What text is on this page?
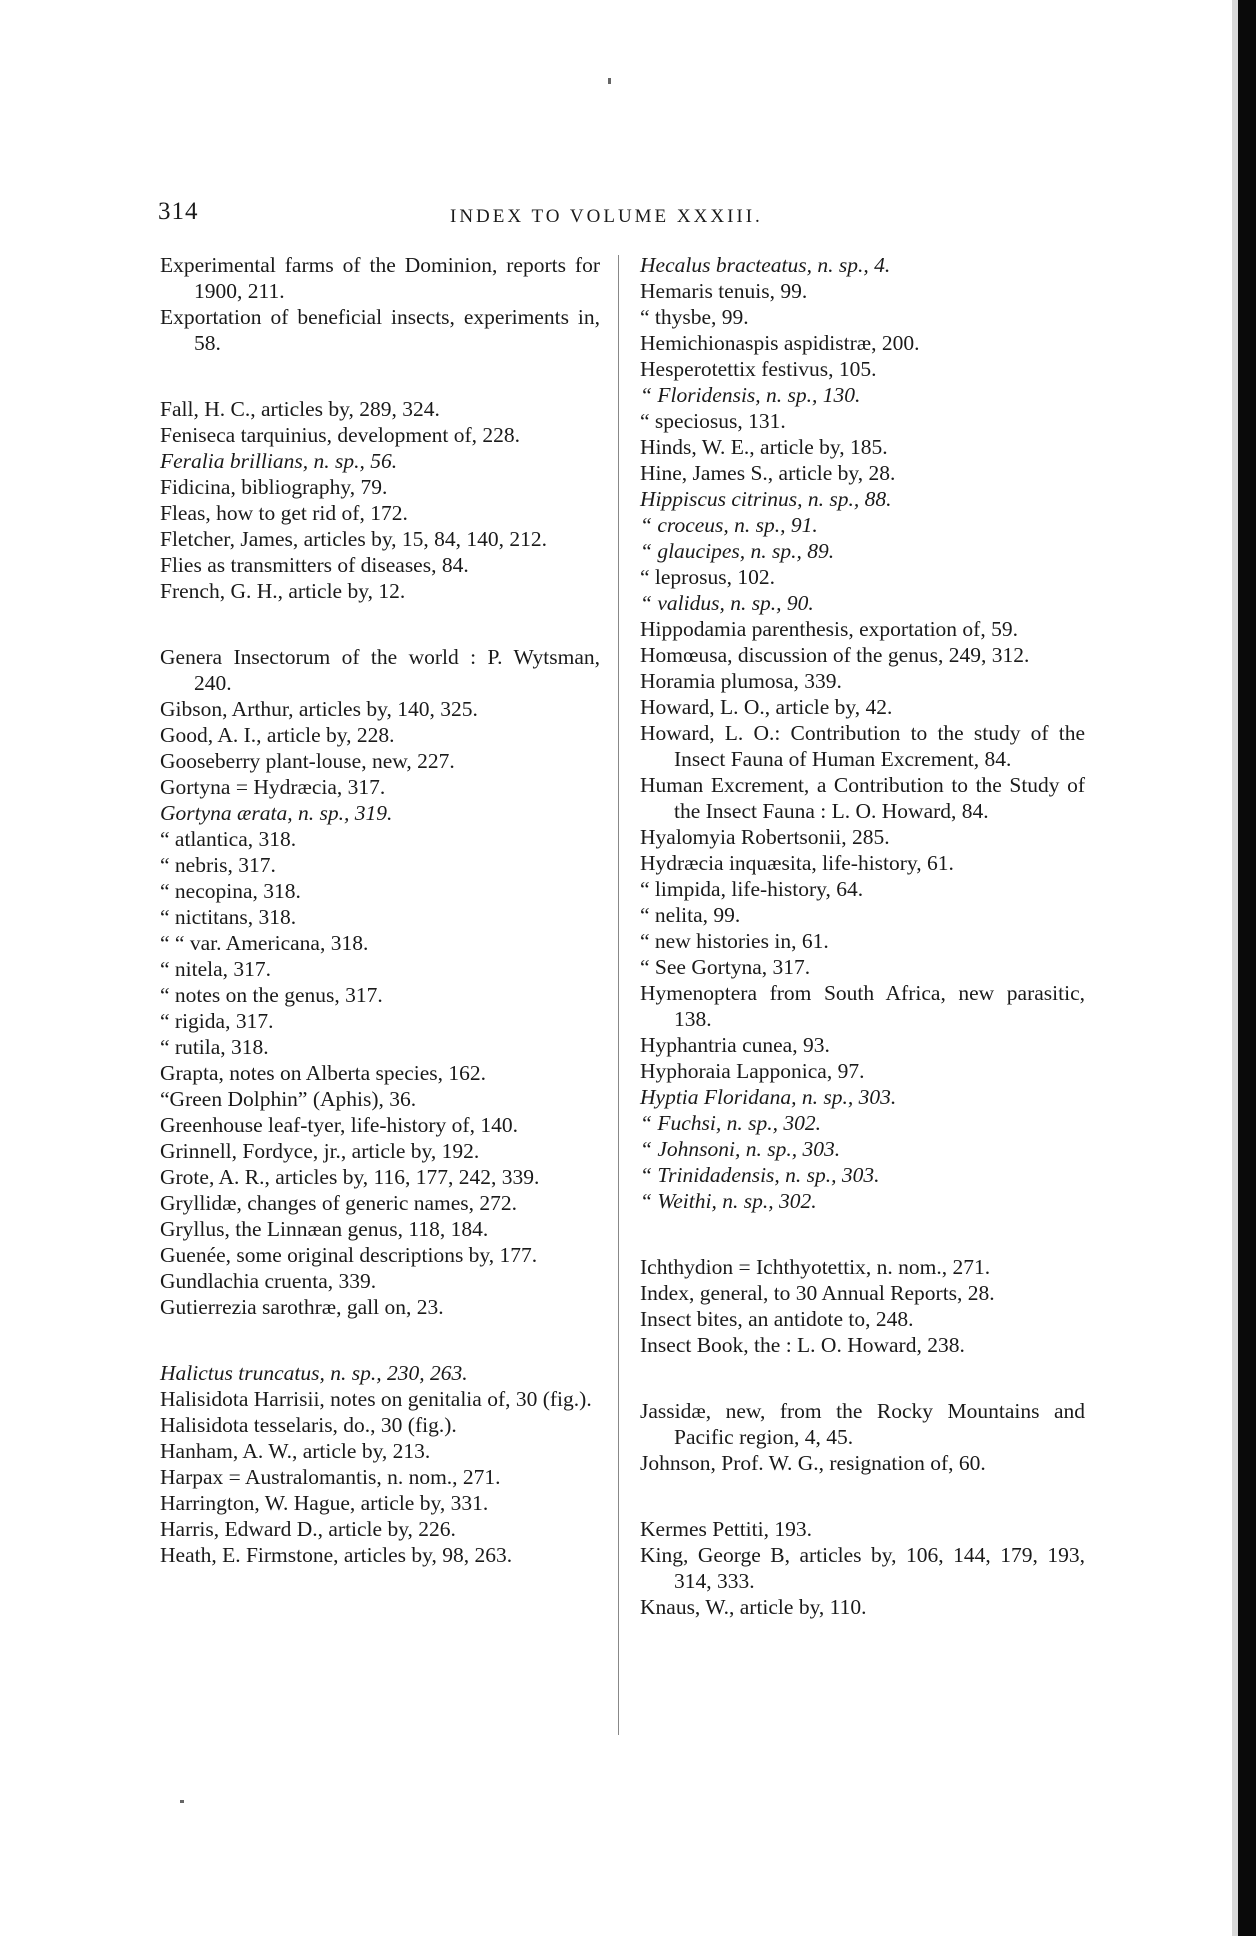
314	INDEX TO VOLUME XXXIII.
Experimental farms of the Dominion, reports for 1900, 211.
Exportation of beneficial insects, experiments in, 58.
Fall, H. C., articles by, 289, 324.
Feniseca tarquinius, development of, 228.
Feralia brillians, n. sp., 56.
Fidicina, bibliography, 79.
Fleas, how to get rid of, 172.
Fletcher, James, articles by, 15, 84, 140, 212.
Flies as transmitters of diseases, 84.
French, G. H., article by, 12.
Genera Insectorum of the world : P. Wytsman, 240.
Gibson, Arthur, articles by, 140, 325.
Good, A. I., article by, 228.
Gooseberry plant-louse, new, 227.
Gortyna = Hydræcia, 317.
Gortyna ærata, n. sp., 319.
“ atlantica, 318.
“ nebris, 317.
“ necopina, 318.
“ nictitans, 318.
“ “ var. Americana, 318.
“ nitela, 317.
“ notes on the genus, 317.
“ rigida, 317.
“ rutila, 318.
Grapta, notes on Alberta species, 162.
“Green Dolphin” (Aphis), 36.
Greenhouse leaf-tyer, life-history of, 140.
Grinnell, Fordyce, jr., article by, 192.
Grote, A. R., articles by, 116, 177, 242, 339.
Gryllidæ, changes of generic names, 272.
Gryllus, the Linnæan genus, 118, 184.
Guenée, some original descriptions by, 177.
Gundlachia cruenta, 339.
Gutierrezia sarothræ, gall on, 23.
Halictus truncatus, n. sp., 230, 263.
Halisidota Harrisii, notes on genitalia of, 30 (fig.).
Halisidota tesselaris, do., 30 (fig.).
Hanham, A. W., article by, 213.
Harpax = Australomantis, n. nom., 271.
Harrington, W. Hague, article by, 331.
Harris, Edward D., article by, 226.
Heath, E. Firmstone, articles by, 98, 263.
Hecalus bracteatus, n. sp., 4.
Hemaris tenuis, 99.
“ thysbe, 99.
Hemichionaspis aspidistræ, 200.
Hesperotettix festivus, 105.
“ Floridensis, n. sp., 130.
“ speciosus, 131.
Hinds, W. E., article by, 185.
Hine, James S., article by, 28.
Hippiscus citrinus, n. sp., 88.
“ croceus, n. sp., 91.
“ glaucipes, n. sp., 89.
“ leprosus, 102.
“ validus, n. sp., 90.
Hippodamia parenthesis, exportation of, 59.
Homœusa, discussion of the genus, 249, 312.
Horamia plumosa, 339.
Howard, L. O., article by, 42.
Howard, L. O.: Contribution to the study of the Insect Fauna of Human Excrement, 84.
Human Excrement, a Contribution to the Study of the Insect Fauna : L. O. Howard, 84.
Hyalomyia Robertsonii, 285.
Hydræcia inquæsita, life-history, 61.
“ limpida, life-history, 64.
“ nelita, 99.
“ new histories in, 61.
“ See Gortyna, 317.
Hymenoptera from South Africa, new parasitic, 138.
Hyphantria cunea, 93.
Hyphoraia Lapponica, 97.
Hyptia Floridana, n. sp., 303.
“ Fuchsi, n. sp., 302.
“ Johnsoni, n. sp., 303.
“ Trinidadensis, n. sp., 303.
“ Weithi, n. sp., 302.
Ichthydion = Ichthyotettix, n. nom., 271.
Index, general, to 30 Annual Reports, 28.
Insect bites, an antidote to, 248.
Insect Book, the : L. O. Howard, 238.
Jassidæ, new, from the Rocky Mountains and Pacific region, 4, 45.
Johnson, Prof. W. G., resignation of, 60.
Kermes Pettiti, 193.
King, George B, articles by, 106, 144, 179, 193, 314, 333.
Knaus, W., article by, 110.
